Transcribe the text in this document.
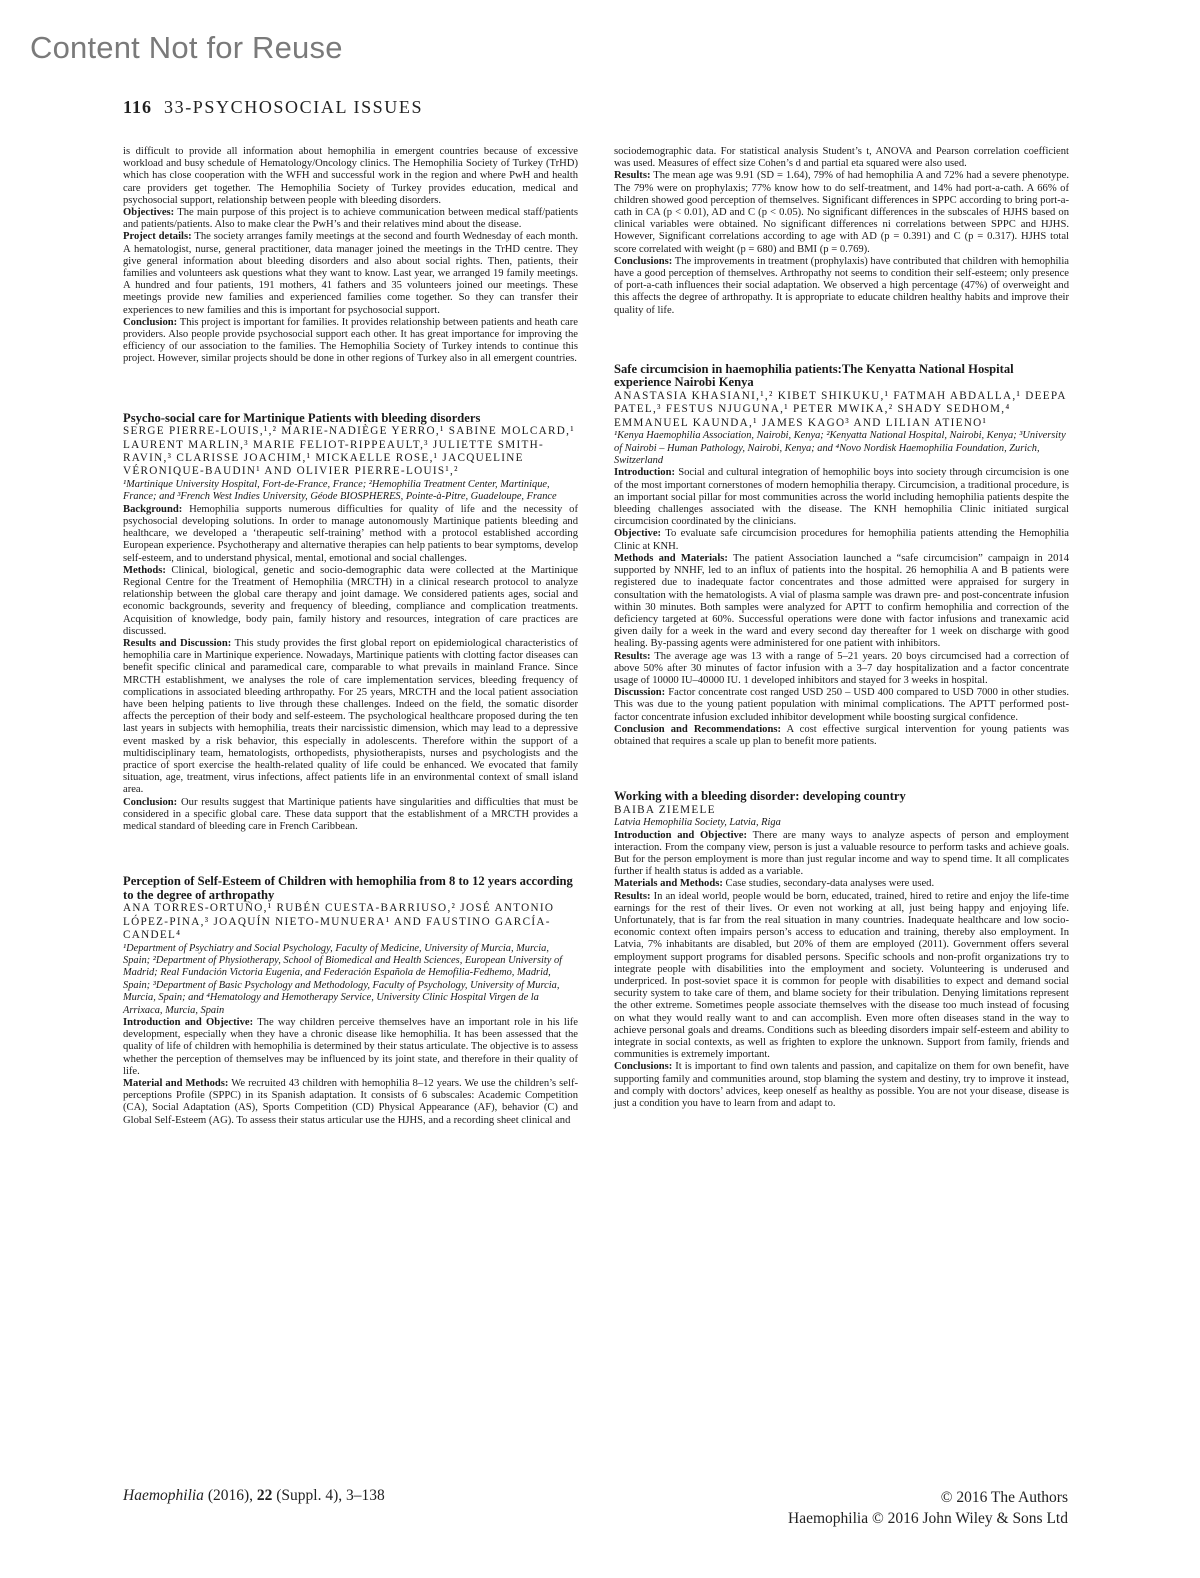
Content Not for Reuse
116 33-PSYCHOSOCIAL ISSUES

is difficult to provide all information about hemophilia in emergent countries because of excessive workload and busy schedule of Hematology/Oncology clinics. The Hemophilia Society of Turkey (TrHD) which has close cooperation with the WFH and successful work in the region and where PwH and health care providers get together. The Hemophilia Society of Turkey provides education, medical and psychosocial support, relationship between people with bleeding disorders.

Objectives: The main purpose of this project is to achieve communication between medical staff/patients and patients/patients. Also to make clear the PwH’s and their relatives mind about the disease.

Project details: The society arranges family meetings at the second and fourth Wednesday of each month. A hematologist, nurse, general practitioner, data manager joined the meetings in the TrHD centre. They give general information about bleeding disorders and also about social rights. Then, patients, their families and volunteers ask questions what they want to know. Last year, we arranged 19 family meetings. A hundred and four patients, 191 mothers, 41 fathers and 35 volunteers joined our meetings. These meetings provide new families and experienced families come together. So they can transfer their experiences to new families and this is important for psychosocial support.

Conclusion: This project is important for families. It provides relationship between patients and heath care providers. Also people provide psychosocial support each other. It has great importance for improving the efficiency of our association to the families. The Hemophilia Society of Turkey intends to continue this project. However, similar projects should be done in other regions of Turkey also in all emergent countries.

Psycho-social care for Martinique Patients with bleeding disorders

SERGE PIERRE-LOUIS,¹,² MARIE-NADIÈGE YERRO,¹ SABINE MOLCARD,¹ LAURENT MARLIN,³ MARIE FELIOT-RIPPEAULT,³ JULIETTE SMITH-RAVIN,³ CLARISSE JOACHIM,¹ MICKAELLE ROSE,¹ JACQUELINE VÉRONIQUE-BAUDIN¹ AND OLIVIER PIERRE-LOUIS¹,²

¹Martinique University Hospital, Fort-de-France, France; ²Hemophilia Treatment Center, Martinique, France; and ³French West Indies University, Géode BIOSPHERES, Pointe-à-Pitre, Guadeloupe, France

Background: Hemophilia supports numerous difficulties for quality of life and the necessity of psychosocial developing solutions. In order to manage autonomously Martinique patients bleeding and healthcare, we developed a ‘therapeutic self-training’ method with a protocol established according European experience. Psychotherapy and alternative therapies can help patients to bear symptoms, develop self-esteem, and to understand physical, mental, emotional and social challenges.

Methods: Clinical, biological, genetic and socio-demographic data were collected at the Martinique Regional Centre for the Treatment of Hemophilia (MRCTH) in a clinical research protocol to analyze relationship between the global care therapy and joint damage. We considered patients ages, social and economic backgrounds, severity and frequency of bleeding, compliance and complication treatments. Acquisition of knowledge, body pain, family history and resources, integration of care practices are discussed.

Results and Discussion: This study provides the first global report on epidemiological characteristics of hemophilia care in Martinique experience. Nowadays, Martinique patients with clotting factor diseases can benefit specific clinical and paramedical care, comparable to what prevails in mainland France. Since MRCTH establishment, we analyses the role of care implementation services, bleeding frequency of complications in associated bleeding arthropathy. For 25 years, MRCTH and the local patient association have been helping patients to live through these challenges. Indeed on the field, the somatic disorder affects the perception of their body and self-esteem. The psychological healthcare proposed during the ten last years in subjects with hemophilia, treats their narcissistic dimension, which may lead to a depressive event masked by a risk behavior, this especially in adolescents. Therefore within the support of a multidisciplinary team, hematologists, orthopedists, physiotherapists, nurses and psychologists and the practice of sport exercise the health-related quality of life could be enhanced. We evocated that family situation, age, treatment, virus infections, affect patients life in an environmental context of small island area.

Conclusion: Our results suggest that Martinique patients have singularities and difficulties that must be considered in a specific global care. These data support that the establishment of a MRCTH provides a medical standard of bleeding care in French Caribbean.

Perception of Self-Esteem of Children with hemophilia from 8 to 12 years according to the degree of arthropathy

ANA TORRES-ORTUÑO,¹ RUBÉN CUESTA-BARRIUSO,² JOSÉ ANTONIO LÓPEZ-PINA,³ JOAQUÍN NIETO-MUNUERA¹ AND FAUSTINO GARCÍA-CANDEL⁴

¹Department of Psychiatry and Social Psychology, Faculty of Medicine, University of Murcia, Murcia, Spain; ²Department of Physiotherapy, School of Biomedical and Health Sciences, European University of Madrid; Real Fundación Victoria Eugenia, and Federación Española de Hemofilia-Fedhemo, Madrid, Spain; ³Department of Basic Psychology and Methodology, Faculty of Psychology, University of Murcia, Murcia, Spain; and ⁴Hematology and Hemotherapy Service, University Clinic Hospital Virgen de la Arrixaca, Murcia, Spain

Introduction and Objective: The way children perceive themselves have an important role in his life development, especially when they have a chronic disease like hemophilia. It has been assessed that the quality of life of children with hemophilia is determined by their status articulate. The objective is to assess whether the perception of themselves may be influenced by its joint state, and therefore in their quality of life.

Material and Methods: We recruited 43 children with hemophilia 8–12 years. We use the children’s self-perceptions Profile (SPPC) in its Spanish adaptation. It consists of 6 subscales: Academic Competition (CA), Social Adaptation (AS), Sports Competition (CD) Physical Appearance (AF), behavior (C) and Global Self-Esteem (AG). To assess their status articular use the HJHS, and a recording sheet clinical and

sociodemographic data. For statistical analysis Student’s t, ANOVA and Pearson correlation coefficient was used. Measures of effect size Cohen’s d and partial eta squared were also used.

Results: The mean age was 9.91 (SD = 1.64), 79% of had hemophilia A and 72% had a severe phenotype. The 79% were on prophylaxis; 77% know how to do self-treatment, and 14% had port-a-cath. A 66% of children showed good perception of themselves. Significant differences in SPPC according to bring port-a-cath in CA (p < 0.01), AD and C (p < 0.05). No significant differences in the subscales of HJHS based on clinical variables were obtained. No significant differences ni correlations between SPPC and HJHS. However, Significant correlations according to age with AD (p = 0.391) and C (p = 0.317). HJHS total score correlated with weight (p = 680) and BMI (p = 0.769).

Conclusions: The improvements in treatment (prophylaxis) have contributed that children with hemophilia have a good perception of themselves. Arthropathy not seems to condition their self-esteem; only presence of port-a-cath influences their social adaptation. We observed a high percentage (47%) of overweight and this affects the degree of arthropathy. It is appropriate to educate children healthy habits and improve their quality of life.

Safe circumcision in haemophilia patients:The Kenyatta National Hospital experience Nairobi Kenya

ANASTASIA KHASIANI,¹,² KIBET SHIKUKU,¹ FATMAH ABDALLA,¹ DEEPA PATEL,³ FESTUS NJUGUNA,¹ PETER MWIKA,² SHADY SEDHOM,⁴ EMMANUEL KAUNDA,¹ JAMES KAGO³ AND LILIAN ATIENO¹

¹Kenya Haemophilia Association, Nairobi, Kenya; ²Kenyatta National Hospital, Nairobi, Kenya; ³University of Nairobi – Human Pathology, Nairobi, Kenya; and ⁴Novo Nordisk Haemophilia Foundation, Zurich, Switzerland

Introduction: Social and cultural integration of hemophilic boys into society through circumcision is one of the most important cornerstones of modern hemophilia therapy. Circumcision, a traditional procedure, is an important social pillar for most communities across the world including hemophilia patients despite the bleeding challenges associated with the disease. The KNH hemophilia Clinic initiated surgical circumcision coordinated by the clinicians.

Objective: To evaluate safe circumcision procedures for hemophilia patients attending the Hemophilia Clinic at KNH.

Methods and Materials: The patient Association launched a “safe circumcision” campaign in 2014 supported by NNHF, led to an influx of patients into the hospital. 26 hemophilia A and B patients were registered due to inadequate factor concentrates and those admitted were appraised for surgery in consultation with the hematologists. A vial of plasma sample was drawn pre- and post-concentrate infusion within 30 minutes. Both samples were analyzed for APTT to confirm hemophilia and correction of the deficiency targeted at 60%. Successful operations were done with factor infusions and tranexamic acid given daily for a week in the ward and every second day thereafter for 1 week on discharge with good healing. By-passing agents were administered for one patient with inhibitors.

Results: The average age was 13 with a range of 5–21 years. 20 boys circumcised had a correction of above 50% after 30 minutes of factor infusion with a 3–7 day hospitalization and a factor concentrate usage of 10000 IU–40000 IU. 1 developed inhibitors and stayed for 3 weeks in hospital.

Discussion: Factor concentrate cost ranged USD 250 – USD 400 compared to USD 7000 in other studies. This was due to the young patient population with minimal complications. The APTT performed post-factor concentrate infusion excluded inhibitor development while boosting surgical confidence.

Conclusion and Recommendations: A cost effective surgical intervention for young patients was obtained that requires a scale up plan to benefit more patients.

Working with a bleeding disorder: developing country

BAIBA ZIEMELE

Latvia Hemophilia Society, Latvia, Riga

Introduction and Objective: There are many ways to analyze aspects of person and employment interaction. From the company view, person is just a valuable resource to perform tasks and achieve goals. But for the person employment is more than just regular income and way to spend time. It all complicates further if health status is added as a variable.

Materials and Methods: Case studies, secondary-data analyses were used.

Results: In an ideal world, people would be born, educated, trained, hired to retire and enjoy the life-time earnings for the rest of their lives. Or even not working at all, just being happy and enjoying life. Unfortunately, that is far from the real situation in many countries. Inadequate healthcare and low socio-economic context often impairs person’s access to education and training, thereby also employment. In Latvia, 7% inhabitants are disabled, but 20% of them are employed (2011). Government offers several employment support programs for disabled persons. Specific schools and non-profit organizations try to integrate people with disabilities into the employment and society. Volunteering is underused and underpriced. In post-soviet space it is common for people with disabilities to expect and demand social security system to take care of them, and blame society for their tribulation. Denying limitations represent the other extreme. Sometimes people associate themselves with the disease too much instead of focusing on what they would really want to and can accomplish. Even more often diseases stand in the way to achieve personal goals and dreams. Conditions such as bleeding disorders impair self-esteem and ability to integrate in social contexts, as well as frighten to explore the unknown. Support from family, friends and communities is extremely important.

Conclusions: It is important to find own talents and passion, and capitalize on them for own benefit, have supporting family and communities around, stop blaming the system and destiny, try to improve it instead, and comply with doctors’ advices, keep oneself as healthy as possible. You are not your disease, disease is just a condition you have to learn from and adapt to.

Haemophilia (2016), 22 (Suppl. 4), 3–138	© 2016 The Authors
Haemophilia © 2016 John Wiley & Sons Ltd
